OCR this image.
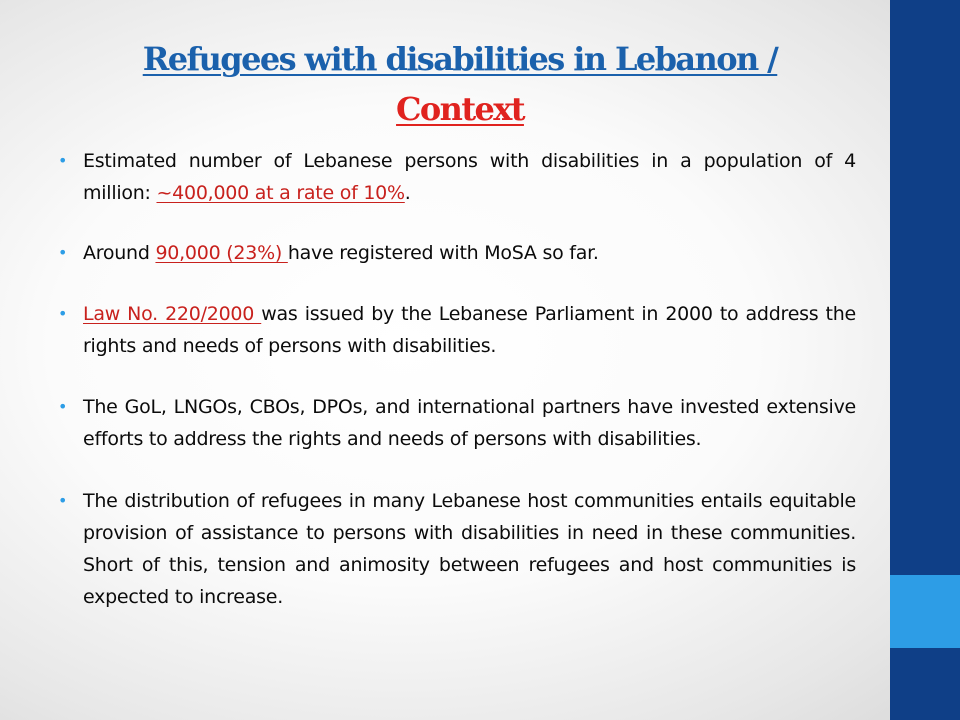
Refugees with disabilities in Lebanon /
Context
• Estimated number of Lebanese persons with disabilities in a population of 4 million: ~400,000 at a rate of 10%.
• Around 90,000 (23%) have registered with MoSA so far.
• Law No. 220/2000 was issued by the Lebanese Parliament in 2000 to address the rights and needs of persons with disabilities.
• The GoL, LNGOs, CBOs, DPOs, and international partners have invested extensive efforts to address the rights and needs of persons with disabilities.
• The distribution of refugees in many Lebanese host communities entails equitable provision of assistance to persons with disabilities in need in these communities. Short of this, tension and animosity between refugees and host communities is expected to increase.
